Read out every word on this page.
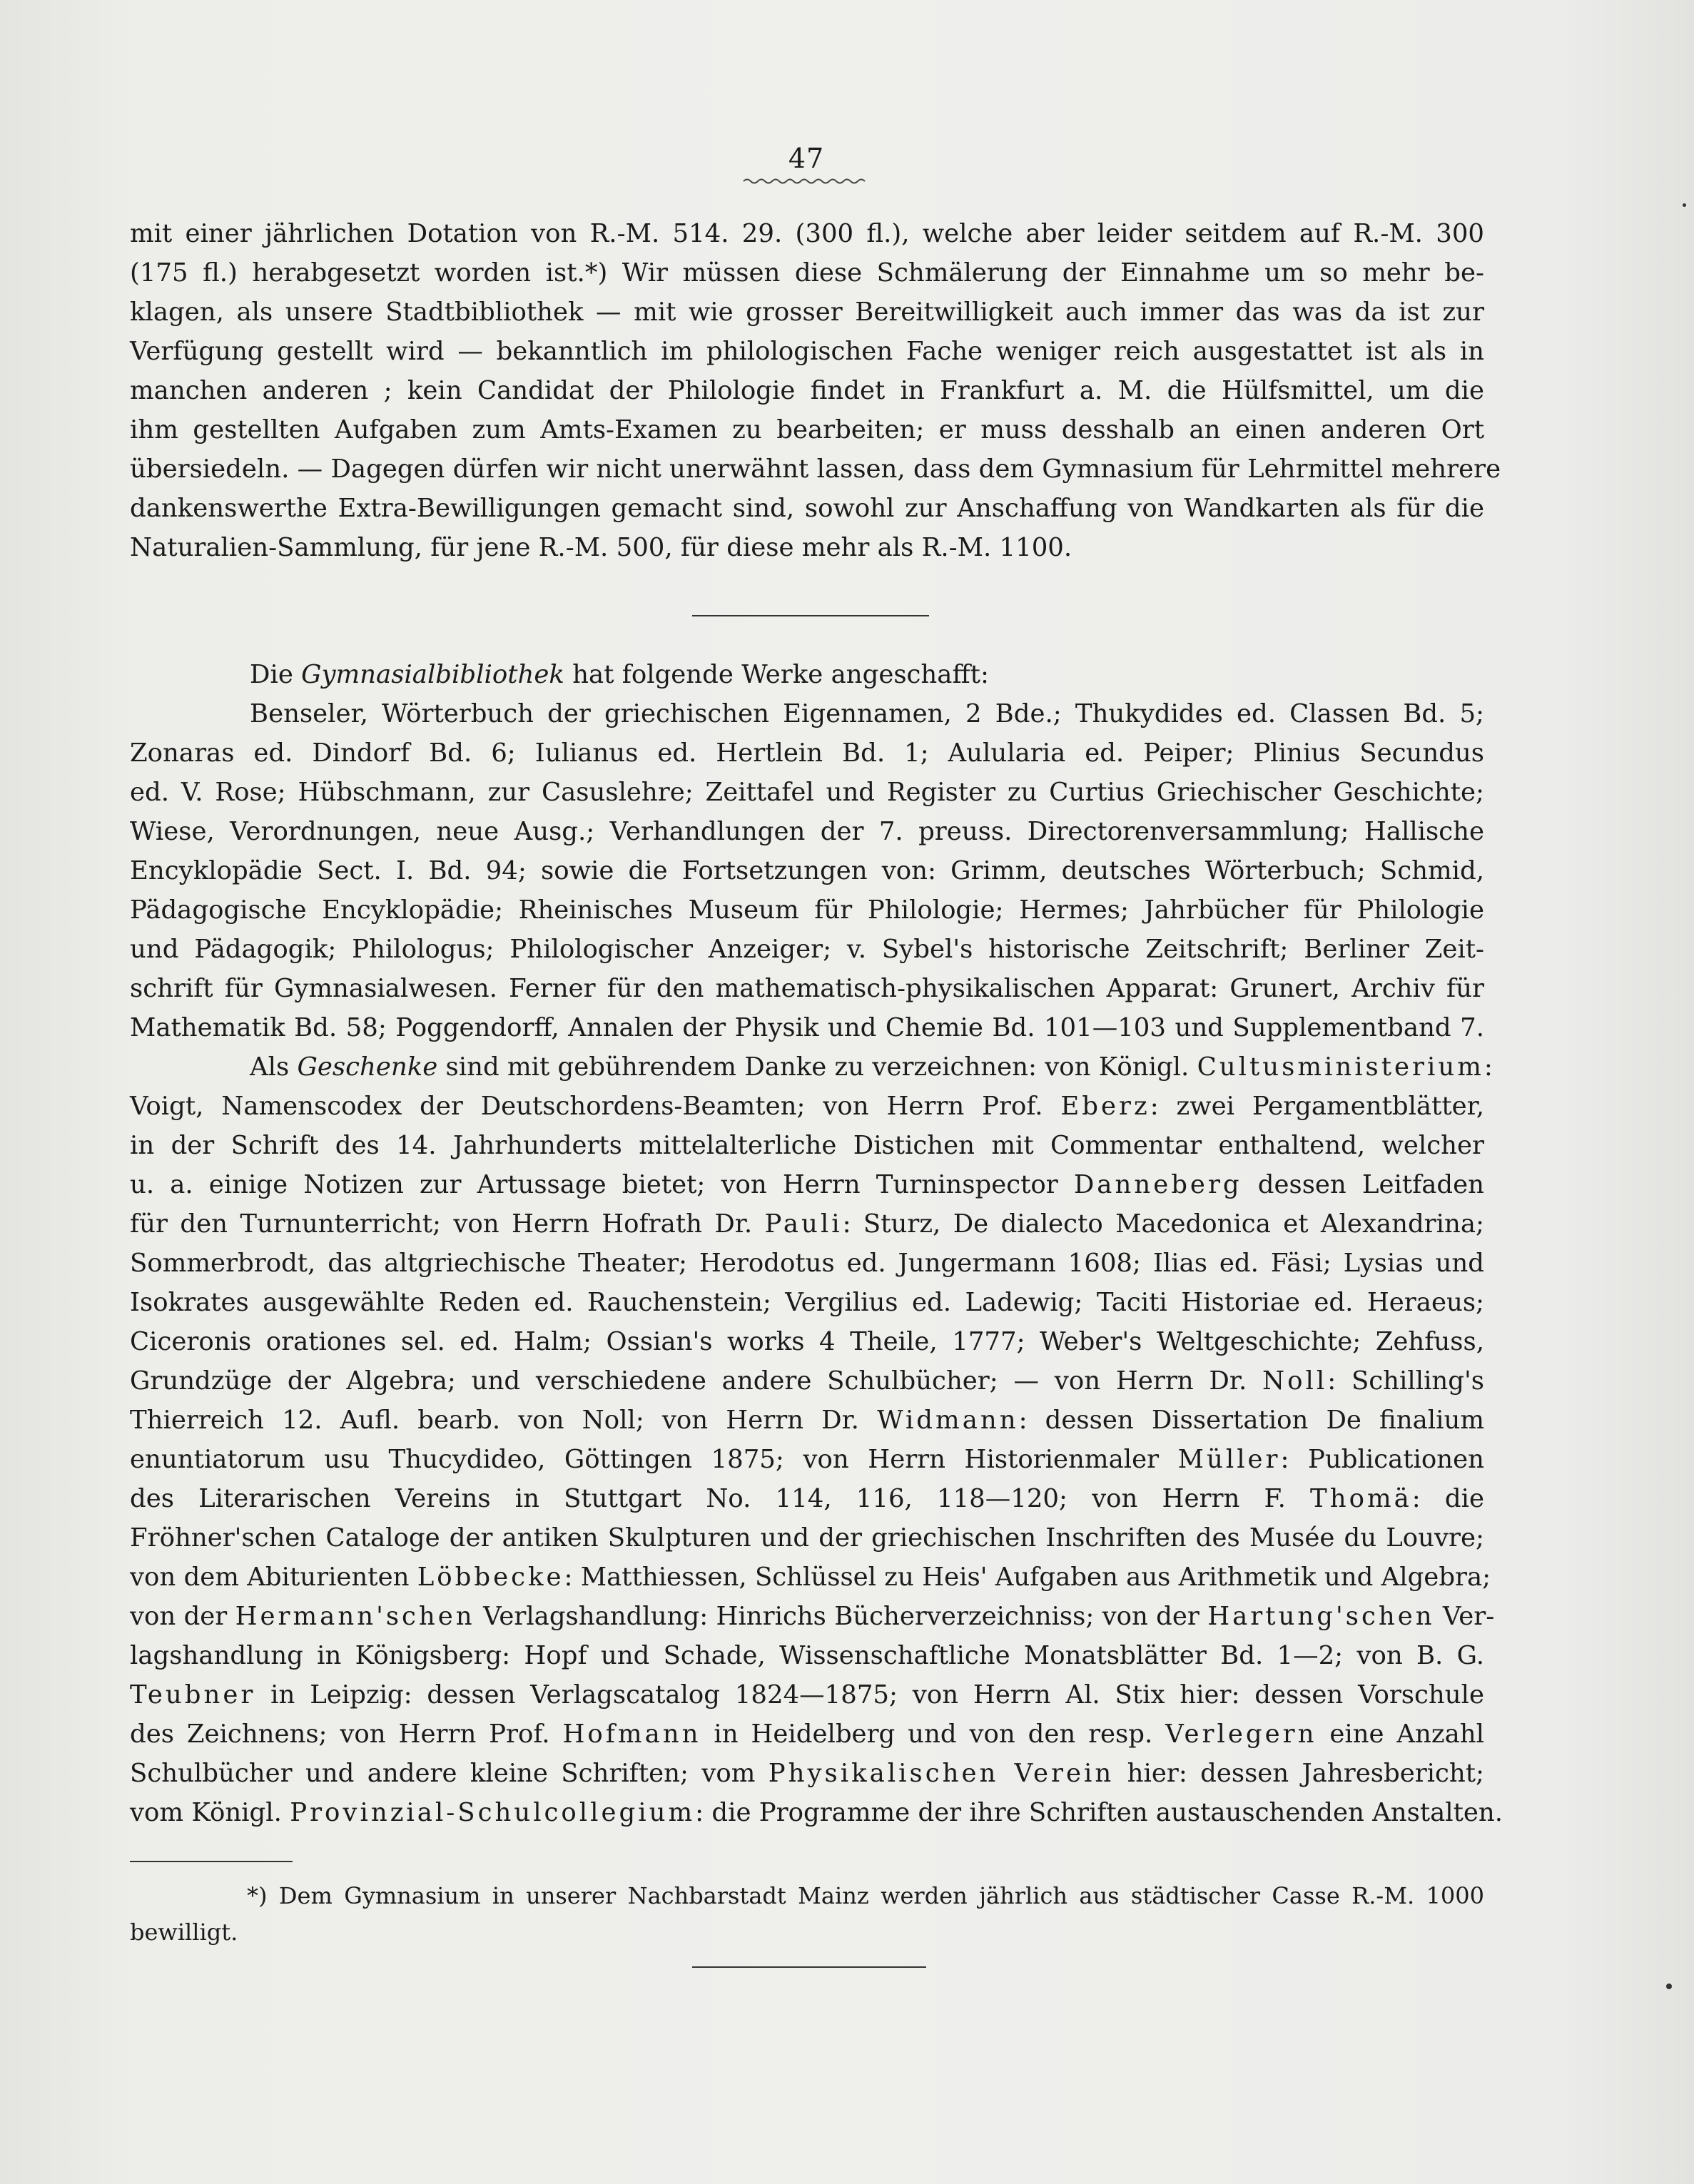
47
mit einer jährlichen Dotation von R.-M. 514. 29. (300 fl.), welche aber leider seitdem auf R.-M. 300
(175 fl.) herabgesetzt worden ist.*) Wir müssen diese Schmälerung der Einnahme um so mehr be-
klagen, als unsere Stadtbibliothek — mit wie grosser Bereitwilligkeit auch immer das was da ist zur
Verfügung gestellt wird — bekanntlich im philologischen Fache weniger reich ausgestattet ist als in
manchen anderen ; kein Candidat der Philologie findet in Frankfurt a. M. die Hülfsmittel, um die
ihm gestellten Aufgaben zum Amts-Examen zu bearbeiten; er muss desshalb an einen anderen Ort
übersiedeln. — Dagegen dürfen wir nicht unerwähnt lassen, dass dem Gymnasium für Lehrmittel mehrere
dankenswerthe Extra-Bewilligungen gemacht sind, sowohl zur Anschaffung von Wandkarten als für die
Naturalien-Sammlung, für jene R.-M. 500, für diese mehr als R.-M. 1100.
Die Gymnasialbibliothek hat folgende Werke angeschafft:
Benseler, Wörterbuch der griechischen Eigennamen, 2 Bde.; Thukydides ed. Classen Bd. 5;
Zonaras ed. Dindorf Bd. 6; Iulianus ed. Hertlein Bd. 1; Aulularia ed. Peiper; Plinius Secundus
ed. V. Rose; Hübschmann, zur Casuslehre; Zeittafel und Register zu Curtius Griechischer Geschichte;
Wiese, Verordnungen, neue Ausg.; Verhandlungen der 7. preuss. Directorenversammlung; Hallische
Encyklopädie Sect. I. Bd. 94; sowie die Fortsetzungen von: Grimm, deutsches Wörterbuch; Schmid,
Pädagogische Encyklopädie; Rheinisches Museum für Philologie; Hermes; Jahrbücher für Philologie
und Pädagogik; Philologus; Philologischer Anzeiger; v. Sybel's historische Zeitschrift; Berliner Zeit-
schrift für Gymnasialwesen. Ferner für den mathematisch-physikalischen Apparat: Grunert, Archiv für
Mathematik Bd. 58; Poggendorff, Annalen der Physik und Chemie Bd. 101—103 und Supplementband 7.
Als Geschenke sind mit gebührendem Danke zu verzeichnen: von Königl. Cultusministerium:
Voigt, Namenscodex der Deutschordens-Beamten; von Herrn Prof. Eberz: zwei Pergamentblätter,
in der Schrift des 14. Jahrhunderts mittelalterliche Distichen mit Commentar enthaltend, welcher
u. a. einige Notizen zur Artussage bietet; von Herrn Turninspector Danneberg dessen Leitfaden
für den Turnunterricht; von Herrn Hofrath Dr. Pauli: Sturz, De dialecto Macedonica et Alexandrina;
Sommerbrodt, das altgriechische Theater; Herodotus ed. Jungermann 1608; Ilias ed. Fäsi; Lysias und
Isokrates ausgewählte Reden ed. Rauchenstein; Vergilius ed. Ladewig; Taciti Historiae ed. Heraeus;
Ciceronis orationes sel. ed. Halm; Ossian's works 4 Theile, 1777; Weber's Weltgeschichte; Zehfuss,
Grundzüge der Algebra; und verschiedene andere Schulbücher; — von Herrn Dr. Noll: Schilling's
Thierreich 12. Aufl. bearb. von Noll; von Herrn Dr. Widmann: dessen Dissertation De finalium
enuntiatorum usu Thucydideo, Göttingen 1875; von Herrn Historienmaler Müller: Publicationen
des Literarischen Vereins in Stuttgart No. 114, 116, 118—120; von Herrn F. Thomä: die
Fröhner'schen Cataloge der antiken Skulpturen und der griechischen Inschriften des Musée du Louvre;
von dem Abiturienten Löbbecke: Matthiessen, Schlüssel zu Heis' Aufgaben aus Arithmetik und Algebra;
von der Hermann'schen Verlagshandlung: Hinrichs Bücherverzeichniss; von der Hartung'schen Ver-
lagshandlung in Königsberg: Hopf und Schade, Wissenschaftliche Monatsblätter Bd. 1—2; von B. G.
Teubner in Leipzig: dessen Verlagscatalog 1824—1875; von Herrn Al. Stix hier: dessen Vorschule
des Zeichnens; von Herrn Prof. Hofmann in Heidelberg und von den resp. Verlegern eine Anzahl
Schulbücher und andere kleine Schriften; vom Physikalischen Verein hier: dessen Jahresbericht;
vom Königl. Provinzial-Schulcollegium: die Programme der ihre Schriften austauschenden Anstalten.
*) Dem Gymnasium in unserer Nachbarstadt Mainz werden jährlich aus städtischer Casse R.-M. 1000
bewilligt.
